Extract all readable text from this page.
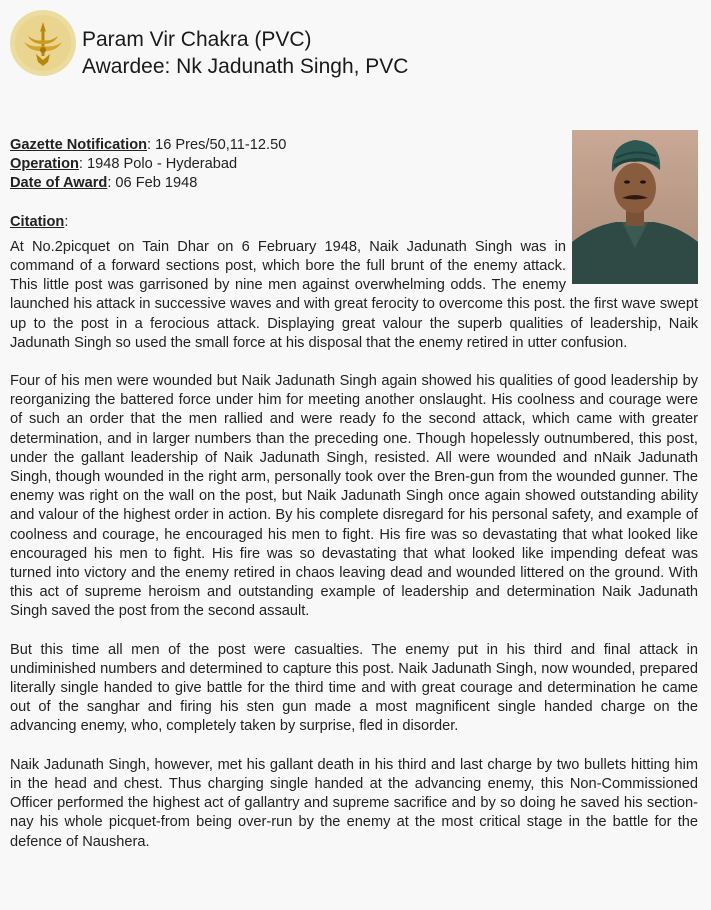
Param Vir Chakra (PVC)
Awardee: Nk Jadunath Singh, PVC

Gazette Notification: 16 Pres/50,11-12.50

Operation: 1948 Polo - Hyderabad

Date of Award: 06 Feb 1948

Citation:

At No.2picquet on Tain Dhar on 6 February 1948, Naik Jadunath Singh was in command of a forward sections post, which bore the full brunt of the enemy attack. This little post was garrisoned by nine men against overwhelming odds. The enemy launched his attack in successive waves and with great ferocity to overcome this post. the first wave swept up to the post in a ferocious attack. Displaying great valour the superb qualities of leadership, Naik Jadunath Singh so used the small force at his disposal that the enemy retired in utter confusion.

Four of his men were wounded but Naik Jadunath Singh again showed his qualities of good leadership by reorganizing the battered force under him for meeting another onslaught. His coolness and courage were of such an order that the men rallied and were ready fo the second attack, which came with greater determination, and in larger numbers than the preceding one. Though hopelessly outnumbered, this post, under the gallant leadership of Naik Jadunath Singh, resisted. All were wounded and nNaik Jadunath Singh, though wounded in the right arm, personally took over the Bren-gun from the wounded gunner. The enemy was right on the wall on the post, but Naik Jadunath Singh once again showed outstanding ability and valour of the highest order in action. By his complete disregard for his personal safety, and example of coolness and courage, he encouraged his men to fight. His fire was so devastating that what looked like encouraged his men to fight. His fire was so devastating that what looked like impending defeat was turned into victory and the enemy retired in chaos leaving dead and wounded littered on the ground. With this act of supreme heroism and outstanding example of leadership and determination Naik Jadunath Singh saved the post from the second assault.

But this time all men of the post were casualties. The enemy put in his third and final attack in undiminished numbers and determined to capture this post. Naik Jadunath Singh, now wounded, prepared literally single handed to give battle for the third time and with great courage and determination he came out of the sanghar and firing his sten gun made a most magnificent single handed charge on the advancing enemy, who, completely taken by surprise, fled in disorder.

Naik Jadunath Singh, however, met his gallant death in his third and last charge by two bullets hitting him in the head and chest. Thus charging single handed at the advancing enemy, this Non-Commissioned Officer performed the highest act of gallantry and supreme sacrifice and by so doing he saved his section-nay his whole picquet-from being over-run by the enemy at the most critical stage in the battle for the defence of Naushera.
